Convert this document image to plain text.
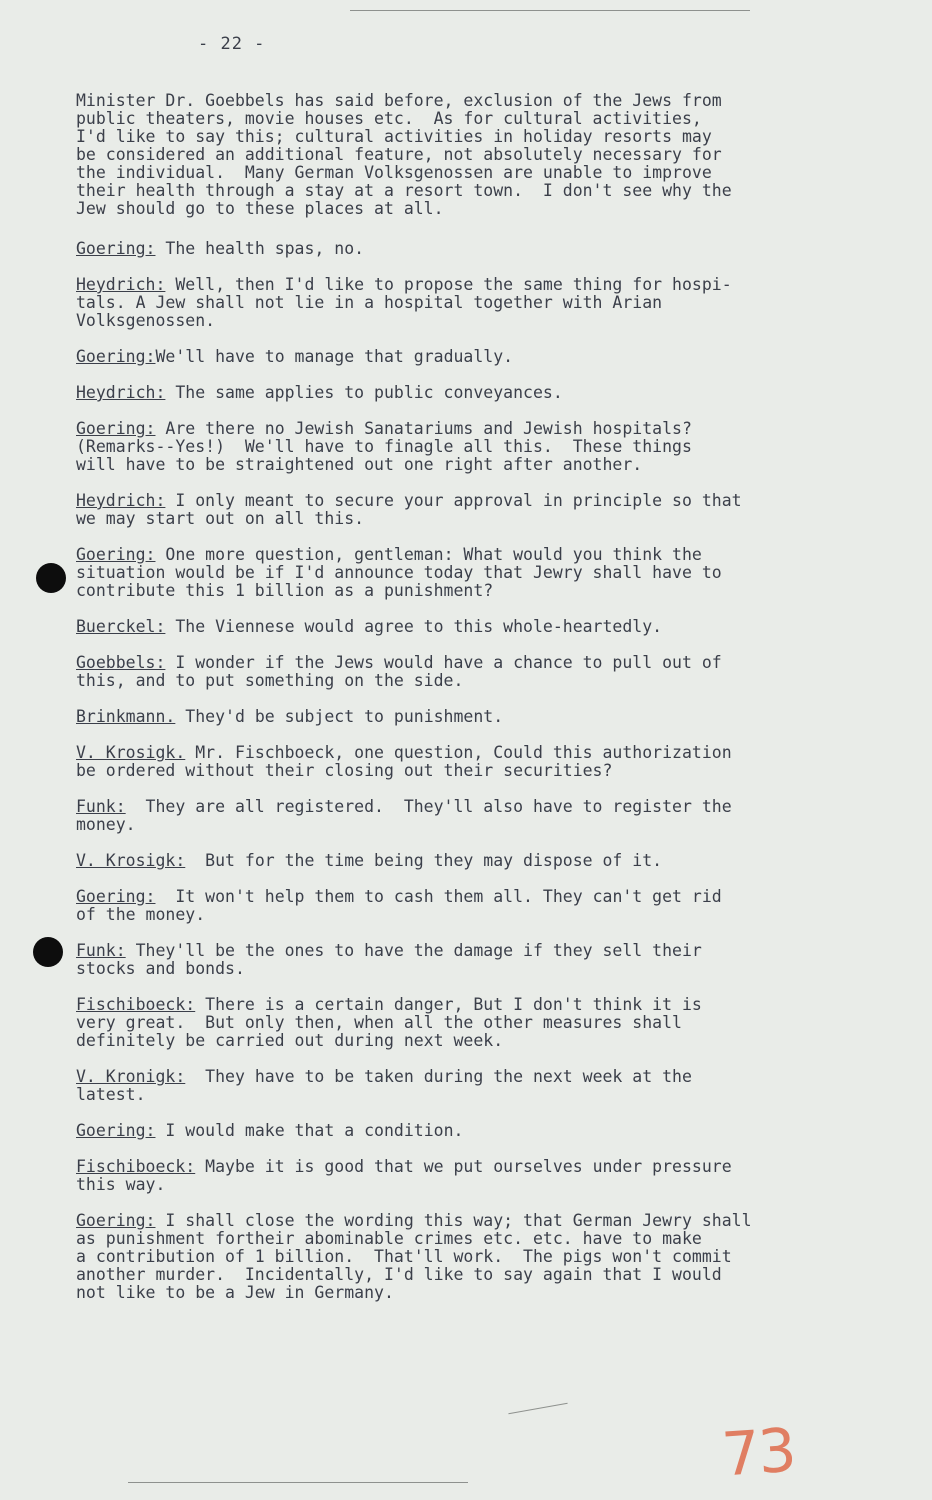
- 22 -
Minister Dr. Goebbels has said before, exclusion of the Jews from
public theaters, movie houses etc.  As for cultural activities,
I'd like to say this; cultural activities in holiday resorts may
be considered an additional feature, not absolutely necessary for
the individual.  Many German Volksgenossen are unable to improve
their health through a stay at a resort town.  I don't see why the
Jew should go to these places at all.
Goering: The health spas, no.
Heydrich: Well, then I'd like to propose the same thing for hospi-
tals. A Jew shall not lie in a hospital together with Arian
Volksgenossen.
Goering:We'll have to manage that gradually.
Heydrich: The same applies to public conveyances.
Goering: Are there no Jewish Sanatariums and Jewish hospitals?
(Remarks--Yes!)  We'll have to finagle all this.  These things
will have to be straightened out one right after another.
Heydrich: I only meant to secure your approval in principle so that
we may start out on all this.
Goering: One more question, gentleman: What would you think the
situation would be if I'd announce today that Jewry shall have to
contribute this 1 billion as a punishment?
Buerckel: The Viennese would agree to this whole-heartedly.
Goebbels: I wonder if the Jews would have a chance to pull out of
this, and to put something on the side.
Brinkmann. They'd be subject to punishment.
V. Krosigk. Mr. Fischboeck, one question, Could this authorization
be ordered without their closing out their securities?
Funk:  They are all registered.  They'll also have to register the
money.
V. Krosigk:  But for the time being they may dispose of it.
Goering:  It won't help them to cash them all. They can't get rid
of the money.
Funk: They'll be the ones to have the damage if they sell their
stocks and bonds.
Fischiboeck: There is a certain danger, But I don't think it is
very great.  But only then, when all the other measures shall
definitely be carried out during next week.
V. Kronigk:  They have to be taken during the next week at the
latest.
Goering: I would make that a condition.
Fischiboeck: Maybe it is good that we put ourselves under pressure
this way.
Goering: I shall close the wording this way; that German Jewry shall
as punishment fortheir abominable crimes etc. etc. have to make
a contribution of 1 billion.  That'll work.  The pigs won't commit
another murder.  Incidentally, I'd like to say again that I would
not like to be a Jew in Germany.
73
